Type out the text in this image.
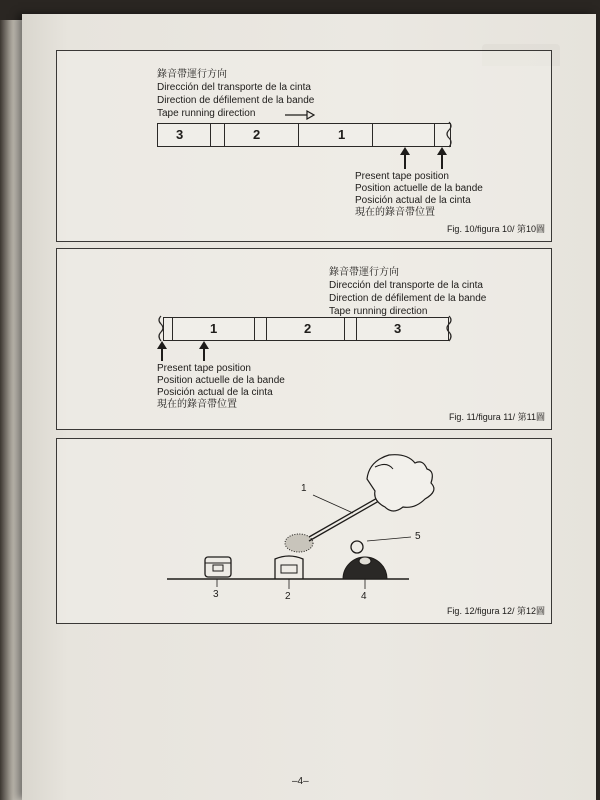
錄音帶運行方向
Dirección del transporte de la cinta
Direction de défilement de la bande
Tape running direction
3	2	1
Present tape position
Position actuelle de la bande
Posición actual de la cinta
現在的錄音帶位置
Fig. 10/figura 10/ 第10圖
錄音帶運行方向
Dirección del transporte de la cinta
Direction de défilement de la bande
Tape running direction
1	2	3
Present tape position
Position actuelle de la bande
Posición actual de la cinta
現在的錄音帶位置
Fig. 11/figura 11/ 第11圖
1
2
3	4
5
Fig. 12/figura 12/ 第12圖
–4–
